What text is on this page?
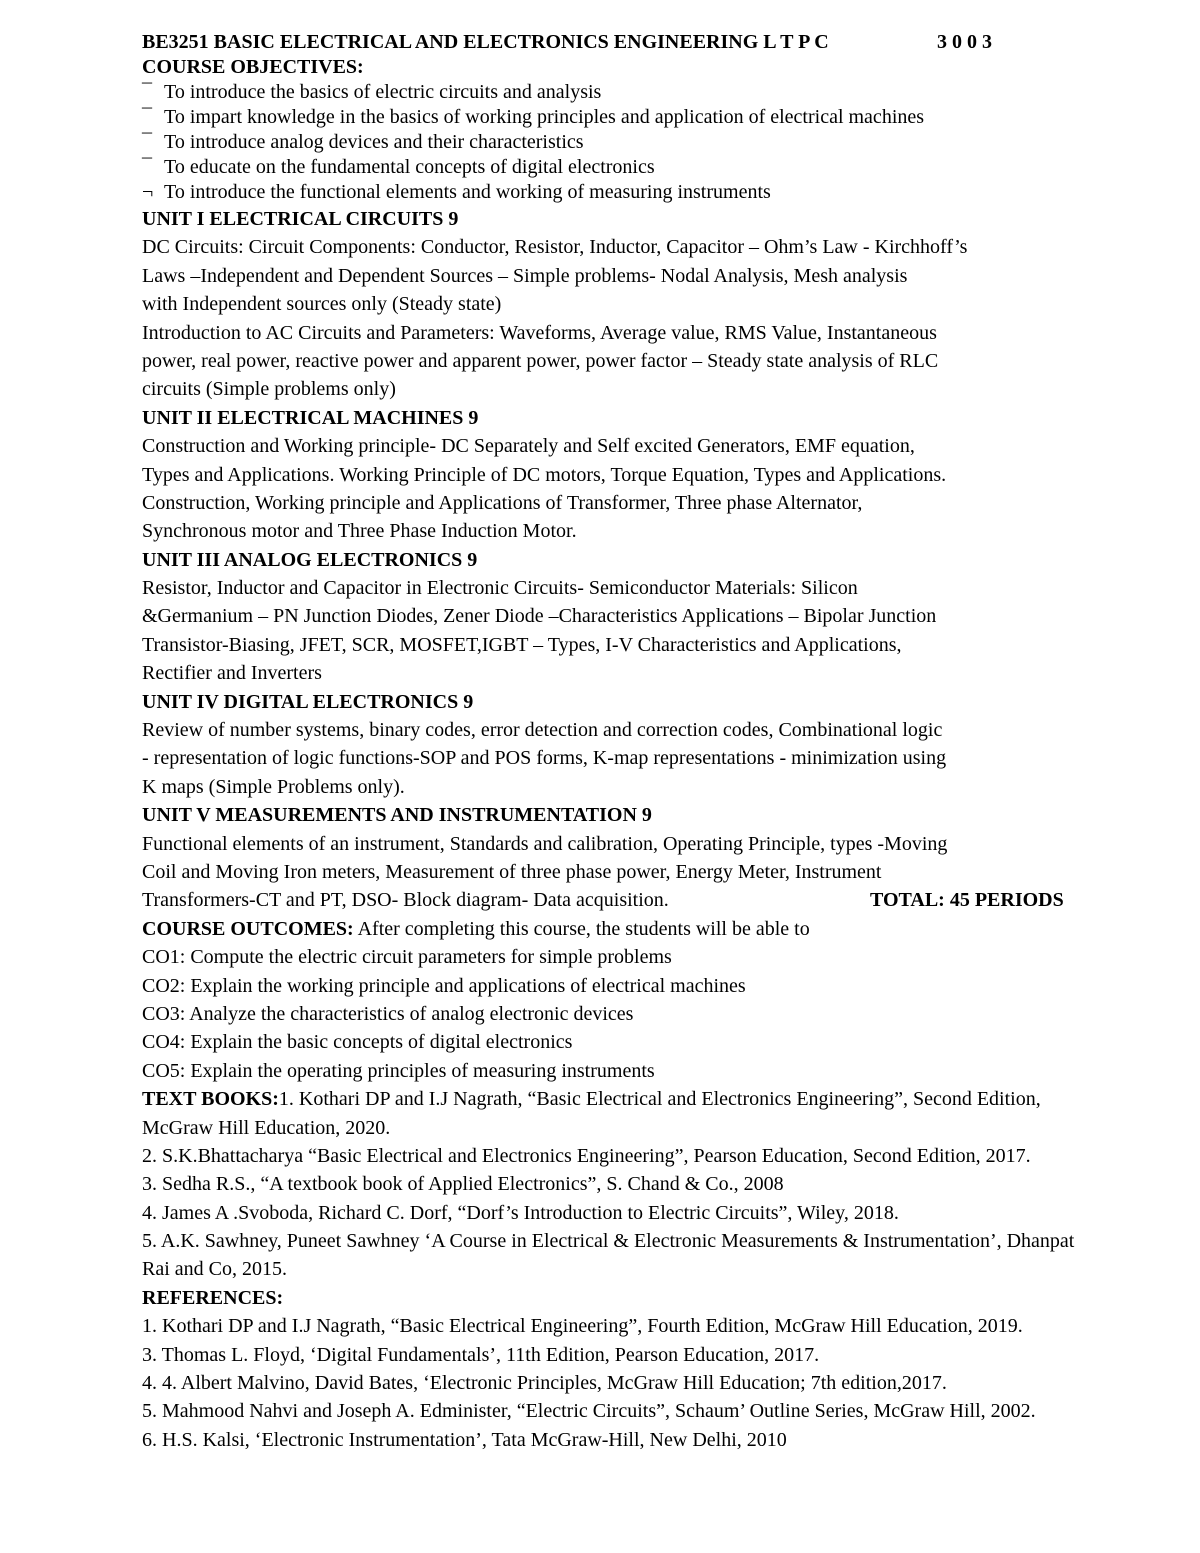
BE3251 BASIC ELECTRICAL AND ELECTRONICS ENGINEERING L T P C	3 0 0 3
COURSE OBJECTIVES:
¯ To introduce the basics of electric circuits and analysis
¯ To impart knowledge in the basics of working principles and application of electrical machines
¯ To introduce analog devices and their characteristics
¯ To educate on the fundamental concepts of digital electronics
¬ To introduce the functional elements and working of measuring instruments
UNIT I ELECTRICAL CIRCUITS 9
DC Circuits: Circuit Components: Conductor, Resistor, Inductor, Capacitor – Ohm’s Law - Kirchhoff’s
Laws –Independent and Dependent Sources – Simple problems- Nodal Analysis, Mesh analysis
with Independent sources only (Steady state)
Introduction to AC Circuits and Parameters: Waveforms, Average value, RMS Value, Instantaneous
power, real power, reactive power and apparent power, power factor – Steady state analysis of RLC
circuits (Simple problems only)
UNIT II ELECTRICAL MACHINES 9
Construction and Working principle- DC Separately and Self excited Generators, EMF equation,
Types and Applications. Working Principle of DC motors, Torque Equation, Types and Applications.
Construction, Working principle and Applications of Transformer, Three phase Alternator,
Synchronous motor and Three Phase Induction Motor.
UNIT III ANALOG ELECTRONICS 9
Resistor, Inductor and Capacitor in Electronic Circuits- Semiconductor Materials: Silicon
&Germanium – PN Junction Diodes, Zener Diode –Characteristics Applications – Bipolar Junction
Transistor-Biasing, JFET, SCR, MOSFET,IGBT – Types, I-V Characteristics and Applications,
Rectifier and Inverters
UNIT IV DIGITAL ELECTRONICS 9
Review of number systems, binary codes, error detection and correction codes, Combinational logic
- representation of logic functions-SOP and POS forms, K-map representations - minimization using
K maps (Simple Problems only).
UNIT V MEASUREMENTS AND INSTRUMENTATION 9
Functional elements of an instrument, Standards and calibration, Operating Principle, types -Moving
Coil and Moving Iron meters, Measurement of three phase power, Energy Meter, Instrument
Transformers-CT and PT, DSO- Block diagram- Data acquisition.	TOTAL: 45 PERIODS
COURSE OUTCOMES: After completing this course, the students will be able to
CO1: Compute the electric circuit parameters for simple problems
CO2: Explain the working principle and applications of electrical machines
CO3: Analyze the characteristics of analog electronic devices
CO4: Explain the basic concepts of digital electronics
CO5: Explain the operating principles of measuring instruments
TEXT BOOKS:1. Kothari DP and I.J Nagrath, “Basic Electrical and Electronics Engineering”, Second Edition,
McGraw Hill Education, 2020.
2. S.K.Bhattacharya “Basic Electrical and Electronics Engineering”, Pearson Education, Second Edition, 2017.
3. Sedha R.S., “A textbook book of Applied Electronics”, S. Chand & Co., 2008
4. James A .Svoboda, Richard C. Dorf, “Dorf’s Introduction to Electric Circuits”, Wiley, 2018.
5. A.K. Sawhney, Puneet Sawhney ‘A Course in Electrical & Electronic Measurements & Instrumentation’, Dhanpat
Rai and Co, 2015.
REFERENCES:
1. Kothari DP and I.J Nagrath, “Basic Electrical Engineering”, Fourth Edition, McGraw Hill Education, 2019.
3. Thomas L. Floyd, ‘Digital Fundamentals’, 11th Edition, Pearson Education, 2017.
4. 4. Albert Malvino, David Bates, ‘Electronic Principles, McGraw Hill Education; 7th edition,2017.
5. Mahmood Nahvi and Joseph A. Edminister, “Electric Circuits”, Schaum’ Outline Series, McGraw Hill, 2002.
6. H.S. Kalsi, ‘Electronic Instrumentation’, Tata McGraw-Hill, New Delhi, 2010
